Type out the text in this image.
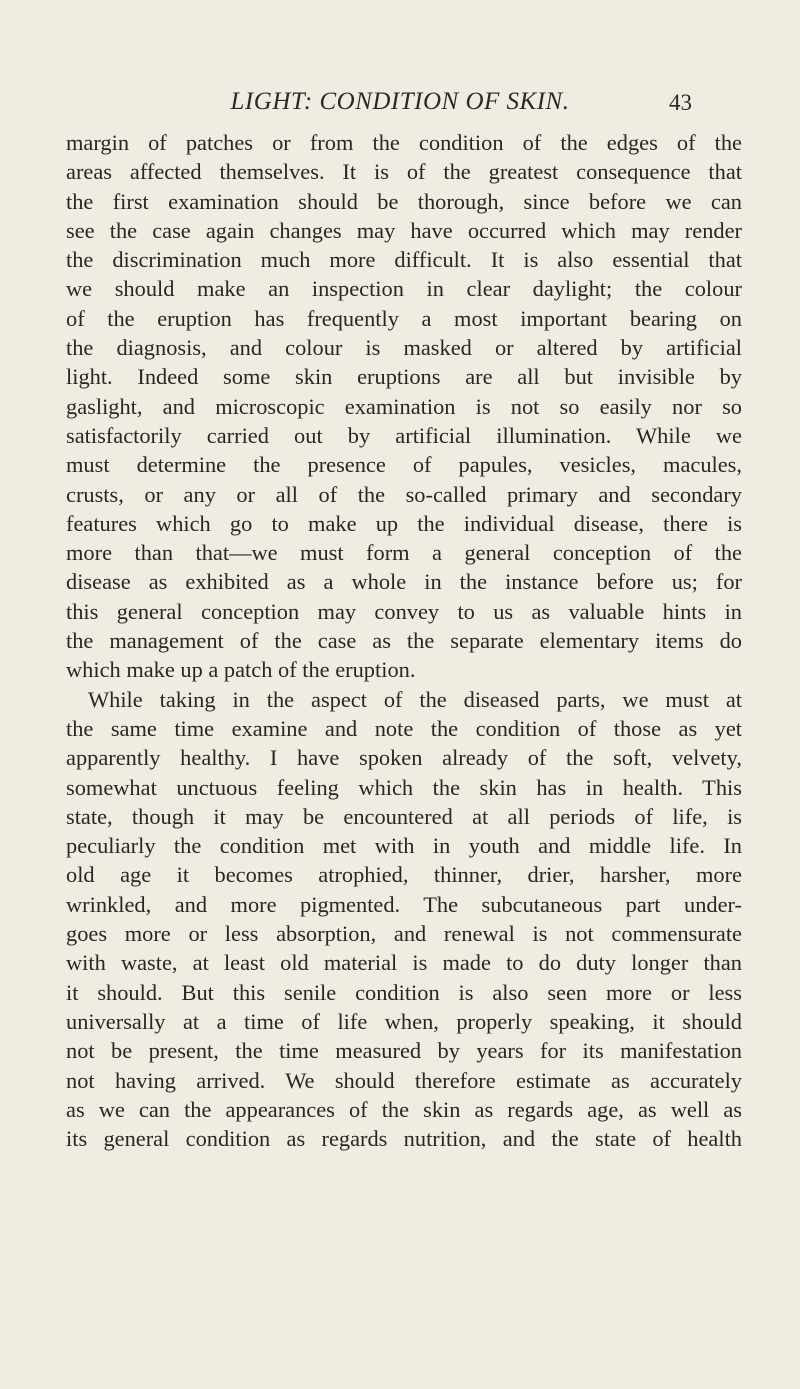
LIGHT: CONDITION OF SKIN.	43
margin of patches or from the condition of the edges of the
areas affected themselves. It is of the greatest consequence that
the first examination should be thorough, since before we can
see the case again changes may have occurred which may render
the discrimination much more difficult. It is also essential that
we should make an inspection in clear daylight; the colour
of the eruption has frequently a most important bearing on
the diagnosis, and colour is masked or altered by artificial
light. Indeed some skin eruptions are all but invisible by
gaslight, and microscopic examination is not so easily nor so
satisfactorily carried out by artificial illumination. While we
must determine the presence of papules, vesicles, macules,
crusts, or any or all of the so-called primary and secondary
features which go to make up the individual disease, there is
more than that—we must form a general conception of the
disease as exhibited as a whole in the instance before us; for
this general conception may convey to us as valuable hints in
the management of the case as the separate elementary items do
which make up a patch of the eruption.
While taking in the aspect of the diseased parts, we must at
the same time examine and note the condition of those as yet
apparently healthy. I have spoken already of the soft, velvety,
somewhat unctuous feeling which the skin has in health. This
state, though it may be encountered at all periods of life, is
peculiarly the condition met with in youth and middle life. In
old age it becomes atrophied, thinner, drier, harsher, more
wrinkled, and more pigmented. The subcutaneous part under-
goes more or less absorption, and renewal is not commensurate
with waste, at least old material is made to do duty longer than
it should. But this senile condition is also seen more or less
universally at a time of life when, properly speaking, it should
not be present, the time measured by years for its manifestation
not having arrived. We should therefore estimate as accurately
as we can the appearances of the skin as regards age, as well as
its general condition as regards nutrition, and the state of health
